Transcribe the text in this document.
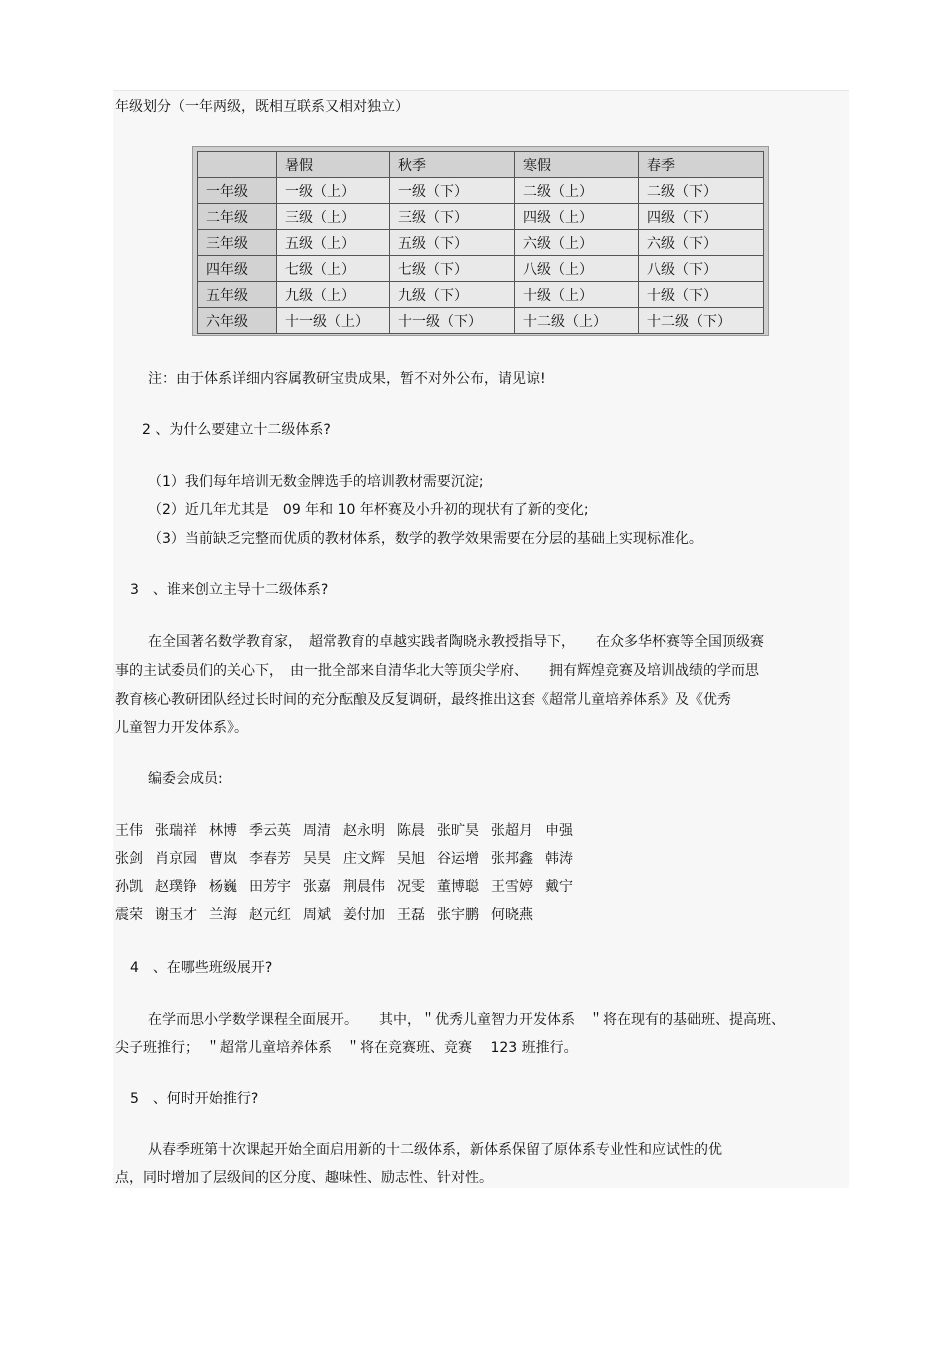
年级划分（一年两级，既相互联系又相对独立）
	暑假	秋季	寒假	春季
一年级	一级（上）	一级（下）	二级（上）	二级（下）
二年级	三级（上）	三级（下）	四级（上）	四级（下）
三年级	五级（上）	五级（下）	六级（上）	六级（下）
四年级	七级（上）	七级（下）	八级（上）	八级（下）
五年级	九级（上）	九级（下）	十级（上）	十级（下）
六年级	十一级（上）	十一级（下）	十二级（上）	十二级（下）
注：由于体系详细内容属教研宝贵成果，暂不对外公布，请见谅!
2 、为什么要建立十二级体系?
（1）我们每年培训无数金牌选手的培训教材需要沉淀;
（2）近几年尤其是　09 年和 10 年杯赛及小升初的现状有了新的变化;
（3）当前缺乏完整而优质的教材体系，数学的教学效果需要在分层的基础上实现标准化。
3　、谁来创立主导十二级体系?
在全国著名数学教育家，　超常教育的卓越实践者陶晓永教授指导下，　　在众多华杯赛等全国顶级赛
事的主试委员们的关心下，　由一批全部来自清华北大等顶尖学府、　　拥有辉煌竞赛及培训战绩的学而思
教育核心教研团队经过长时间的充分酝酿及反复调研，最终推出这套《超常儿童培养体系》及《优秀
儿童智力开发体系》。
编委会成员:
王伟 张瑞祥 林博 季云英 周清 赵永明 陈晨 张旷昊 张超月 申强
张剑 肖京园 曹岚 李春芳 吴昊 庄文辉 吴旭 谷运增 张邦鑫 韩涛
孙凯 赵璞铮 杨巍 田芳宇 张嘉 荆晨伟 况雯 董博聪 王雪婷 戴宁
震荣 谢玉才 兰海 赵元红 周斌 姜付加 王磊 张宇鹏 何晓燕
4　、在哪些班级展开?
在学而思小学数学课程全面展开。　　其中，＂优秀儿童智力开发体系　＂将在现有的基础班、提高班、
尖子班推行；　＂超常儿童培养体系　＂将在竞赛班、竞赛　 123 班推行。
5　、何时开始推行?
从春季班第十次课起开始全面启用新的十二级体系，新体系保留了原体系专业性和应试性的优
点，同时增加了层级间的区分度、趣味性、励志性、针对性。
